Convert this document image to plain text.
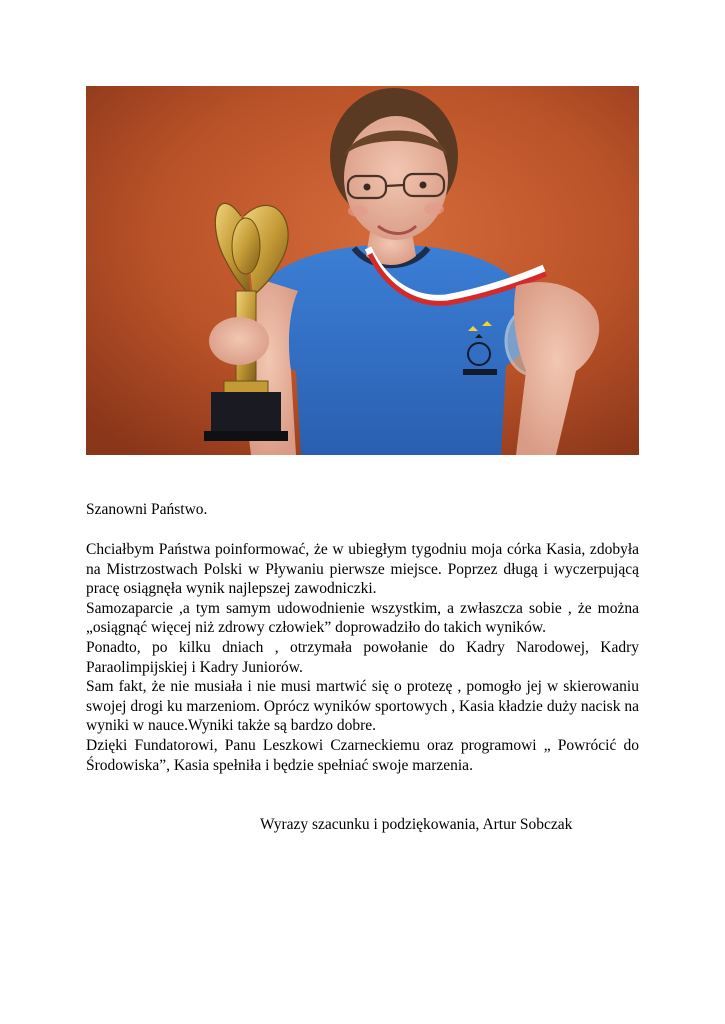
Szanowni Państwo.

Chciałbym Państwa poinformować, że w ubiegłym tygodniu moja córka Kasia, zdobyła na Mistrzostwach Polski w Pływaniu pierwsze miejsce. Poprzez długą i wyczerpującą pracę osiągnęła wynik najlepszej zawodniczki.

Samozaparcie ,a tym samym udowodnienie wszystkim, a zwłaszcza sobie , że można „osiągnąć więcej niż zdrowy człowiek” doprowadziło do takich wyników.

Ponadto, po kilku dniach , otrzymała powołanie do Kadry Narodowej, Kadry Paraolimpijskiej i Kadry Juniorów.

Sam fakt, że nie musiała i nie musi martwić się o protezę , pomogło jej w skierowaniu swojej drogi ku marzeniom. Oprócz wyników sportowych , Kasia kładzie duży nacisk na wyniki w nauce.Wyniki także są bardzo dobre.

Dzięki Fundatorowi, Panu Leszkowi Czarneckiemu oraz programowi „ Powrócić do Środowiska”, Kasia spełniła i będzie spełniać swoje marzenia.

Wyrazy szacunku i podziękowania, Artur Sobczak
